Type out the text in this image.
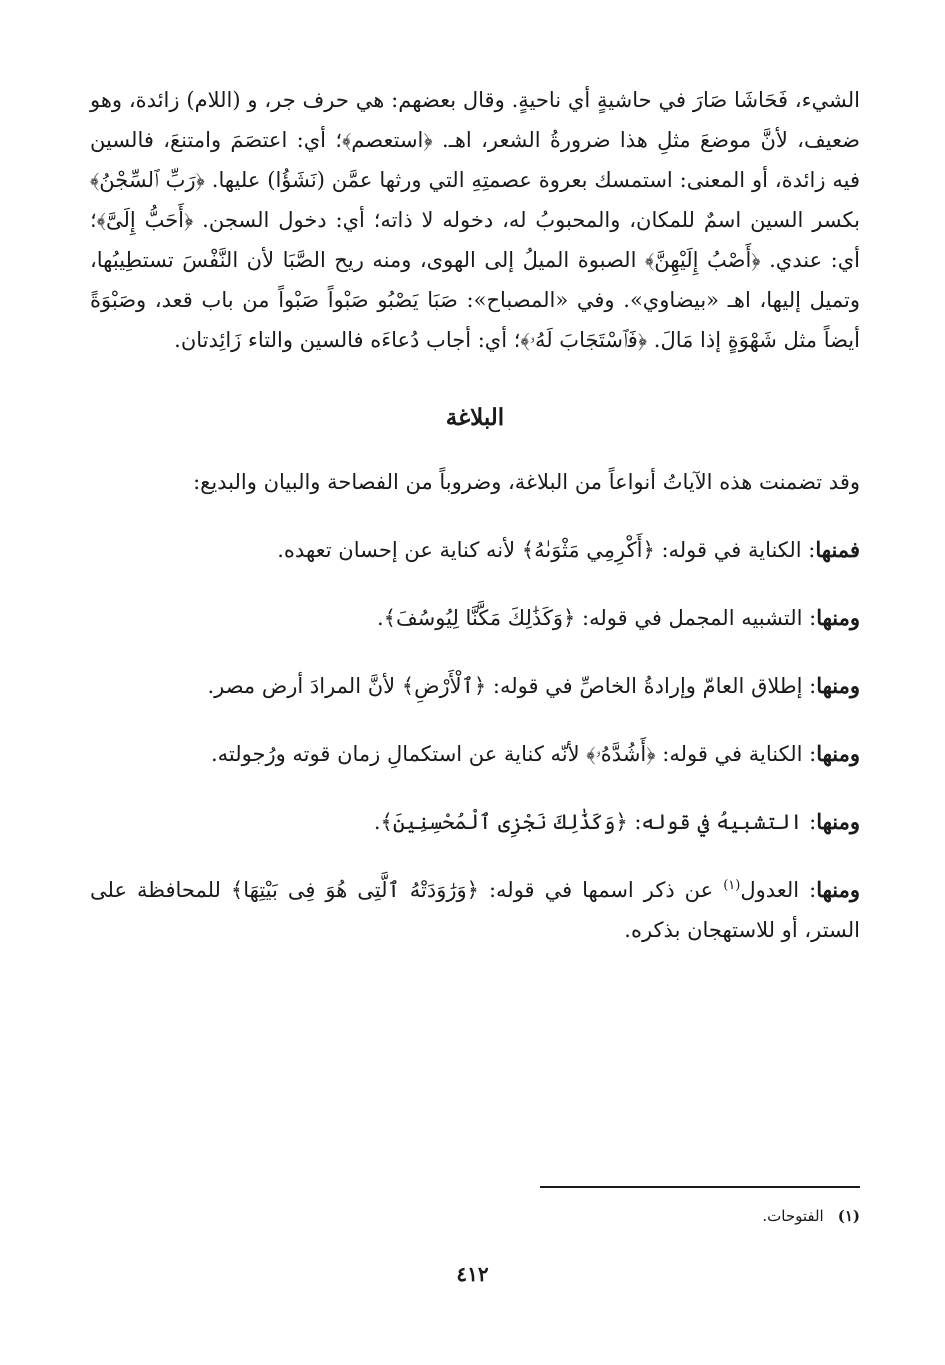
الشيء، فَحَاشَا صَارَ في حاشيةٍ أي ناحيةٍ. وقال بعضهم: هي حرف جر، و (اللام) زائدة، وهو ضعيف، لأنَّ موضعَ مثلِ هذا ضرورةُ الشعر، اهـ. ﴿استعصم﴾؛ أي: اعتصَمَ وامتنعَ، فالسين فيه زائدة، أو المعنى: استمسك بعروة عصمتِهِ التي ورثها عمَّن (نَشَؤُا) عليها. ﴿رَبِّ ٱلسِّجْنُ﴾ بكسر السين اسمٌ للمكان، والمحبوبُ له، دخوله لا ذاته؛ أي: دخول السجن. ﴿أَحَبُّ إِلَىَّ﴾؛ أي: عندي. ﴿أَصْبُ إِلَيْهِنَّ﴾ الصبوة الميلُ إلى الهوى، ومنه ريح الصَّبَا لأن النَّفْسَ تستطِيبُها، وتميل إليها، اهـ «بيضاوي». وفي «المصباح»: صَبَا يَصْبُو صَبْواً صَبْواً من باب قعد، وصَبْوَةً أيضاً مثل شَهْوَةٍ إذا مَالَ. ﴿فَٱسْتَجَابَ لَهُۥ﴾؛ أي: أجاب دُعاءَه فالسين والتاء زَائِدتان.

البلاغة

وقد تضمنت هذه الآياتُ أنواعاً من البلاغة، وضروباً من الفصاحة والبيان والبديع:

فمنها: الكناية في قوله: ﴿أَكْرِمِي مَثْوَىٰهُ﴾ لأنه كناية عن إحسان تعهده.

ومنها: التشبيه المجمل في قوله: ﴿وَكَذَٰلِكَ مَكَّنَّا لِيُوسُفَ﴾.

ومنها: إطلاق العامّ وإرادةُ الخاصِّ في قوله: ﴿ٱلْأَرْضِ﴾ لأنَّ المرادَ أرض مصر.

ومنها: الكناية في قوله: ﴿أَشُدَّهُۥ﴾ لأنّه كناية عن استكمالِ زمان قوته ورُجولته.

ومنها: التشبيهُ في قوله: ﴿وَكَذَٰلِكَ نَجْزِى ٱلْمُحْسِنِينَ﴾.

ومنها: العدول$^{(١)}$ عن ذكر اسمها في قوله: ﴿وَرَٰوَدَتْهُ ٱلَّتِى هُوَ فِى بَيْتِهَا﴾ للمحافظة على الستر، أو للاستهجان بذكره.

(١)الفتوحات.
٤١٢
